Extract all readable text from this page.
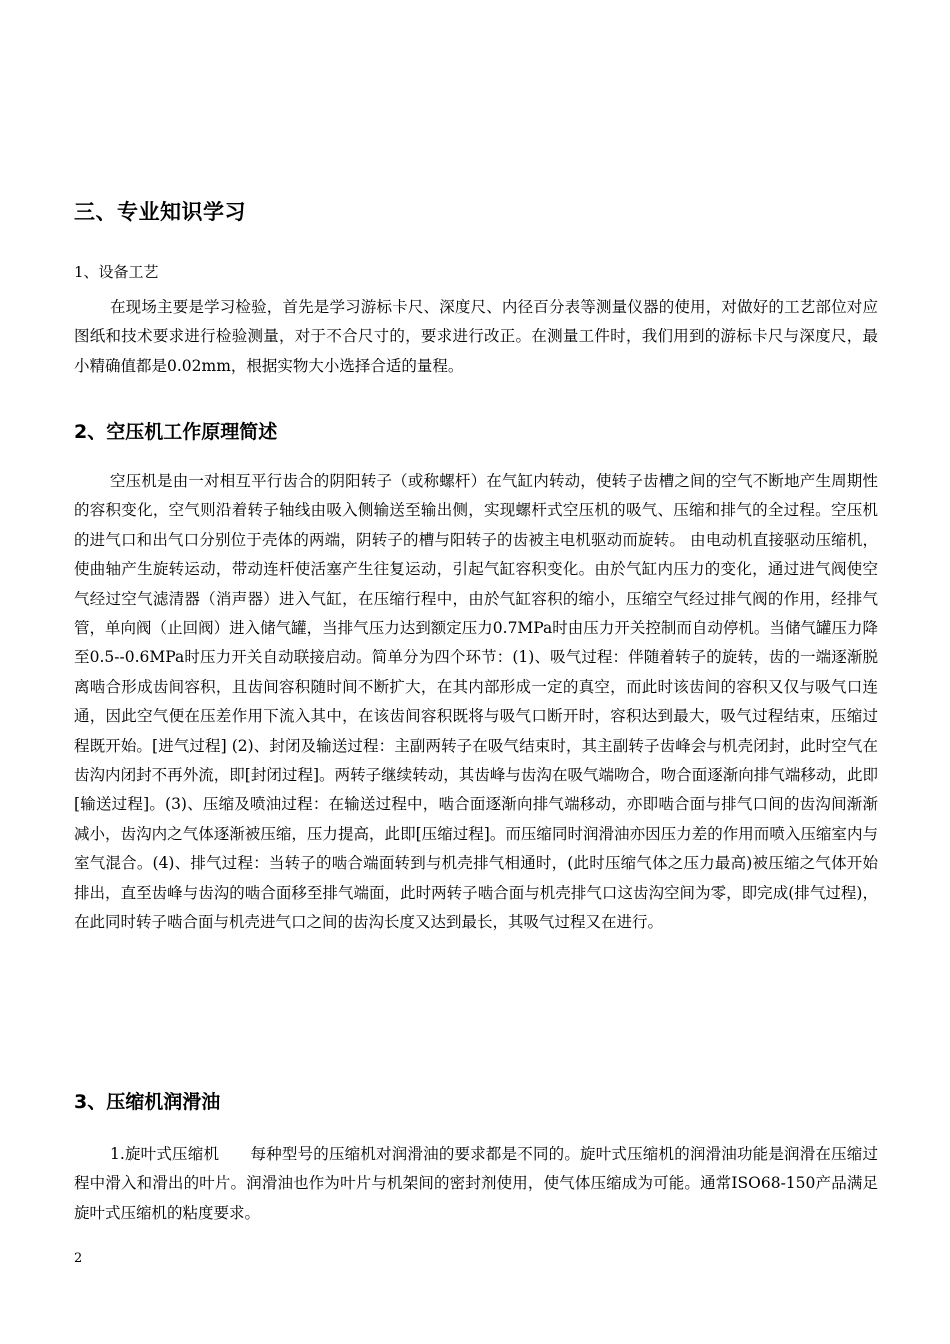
三、专业知识学习

1、设备工艺

在现场主要是学习检验，首先是学习游标卡尺、深度尺、内径百分表等测量仪器的使用，对做好的工艺部位对应图纸和技术要求进行检验测量，对于不合尺寸的，要求进行改正。在测量工件时，我们用到的游标卡尺与深度尺，最小精确值都是0.02mm，根据实物大小选择合适的量程。

2、空压机工作原理简述

空压机是由一对相互平行齿合的阴阳转子（或称螺杆）在气缸内转动，使转子齿槽之间的空气不断地产生周期性的容积变化，空气则沿着转子轴线由吸入侧输送至输出侧，实现螺杆式空压机的吸气、压缩和排气的全过程。空压机的进气口和出气口分别位于壳体的两端，阴转子的槽与阳转子的齿被主电机驱动而旋转。 由电动机直接驱动压缩机，使曲轴产生旋转运动，带动连杆使活塞产生往复运动，引起气缸容积变化。由於气缸内压力的变化，通过进气阀使空气经过空气滤清器（消声器）进入气缸，在压缩行程中，由於气缸容积的缩小，压缩空气经过排气阀的作用，经排气管，单向阀（止回阀）进入储气罐，当排气压力达到额定压力0.7MPa时由压力开关控制而自动停机。当储气罐压力降至0.5--0.6MPa时压力开关自动联接启动。简单分为四个环节：(1)、吸气过程：伴随着转子的旋转，齿的一端逐渐脱离啮合形成齿间容积，且齿间容积随时间不断扩大，在其内部形成一定的真空，而此时该齿间的容积又仅与吸气口连通，因此空气便在压差作用下流入其中，在该齿间容积既将与吸气口断开时，容积达到最大，吸气过程结束，压缩过程既开始。[进气过程] (2)、封闭及输送过程：主副两转子在吸气结束时，其主副转子齿峰会与机壳闭封，此时空气在齿沟内闭封不再外流，即[封闭过程]。两转子继续转动，其齿峰与齿沟在吸气端吻合，吻合面逐渐向排气端移动，此即[输送过程]。(3)、压缩及喷油过程：在输送过程中，啮合面逐渐向排气端移动，亦即啮合面与排气口间的齿沟间渐渐减小，齿沟内之气体逐渐被压缩，压力提高，此即[压缩过程]。而压缩同时润滑油亦因压力差的作用而喷入压缩室内与室气混合。(4)、排气过程：当转子的啮合端面转到与机壳排气相通时，(此时压缩气体之压力最高)被压缩之气体开始排出，直至齿峰与齿沟的啮合面移至排气端面，此时两转子啮合面与机壳排气口这齿沟空间为零，即完成(排气过程)，在此同时转子啮合面与机壳进气口之间的齿沟长度又达到最长，其吸气过程又在进行。

3、压缩机润滑油

1.旋叶式压缩机　　每种型号的压缩机对润滑油的要求都是不同的。旋叶式压缩机的润滑油功能是润滑在压缩过程中滑入和滑出的叶片。润滑油也作为叶片与机架间的密封剂使用，使气体压缩成为可能。通常ISO68-150产品满足旋叶式压缩机的粘度要求。

2
